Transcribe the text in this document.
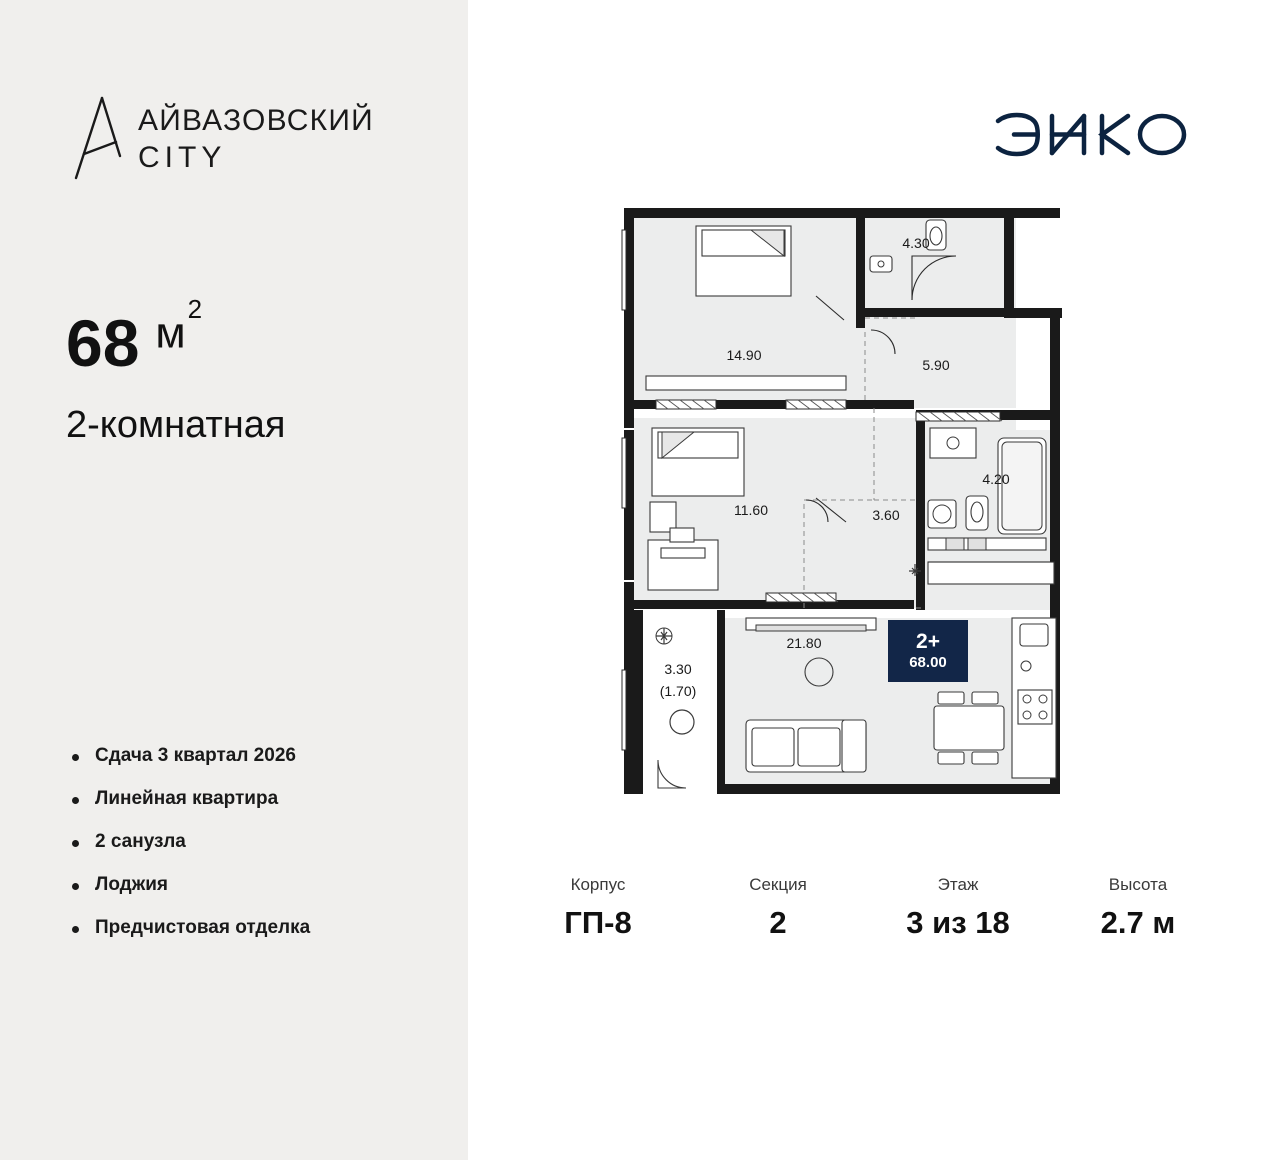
АЙВАЗОВСКИЙ
CITY
68 $м^2$
2-комнатная
Сдача 3 квартал 2026
Линейная квартира
2 санузла
Лоджия
Предчистовая отделка
14.90
11.60
4.30
5.90
4.20
3.60
21.80
3.30
(1.70)
2+
68.00
Корпус
ГП-8
Секция
2
Этаж
3 из 18
Высота
2.7 м
